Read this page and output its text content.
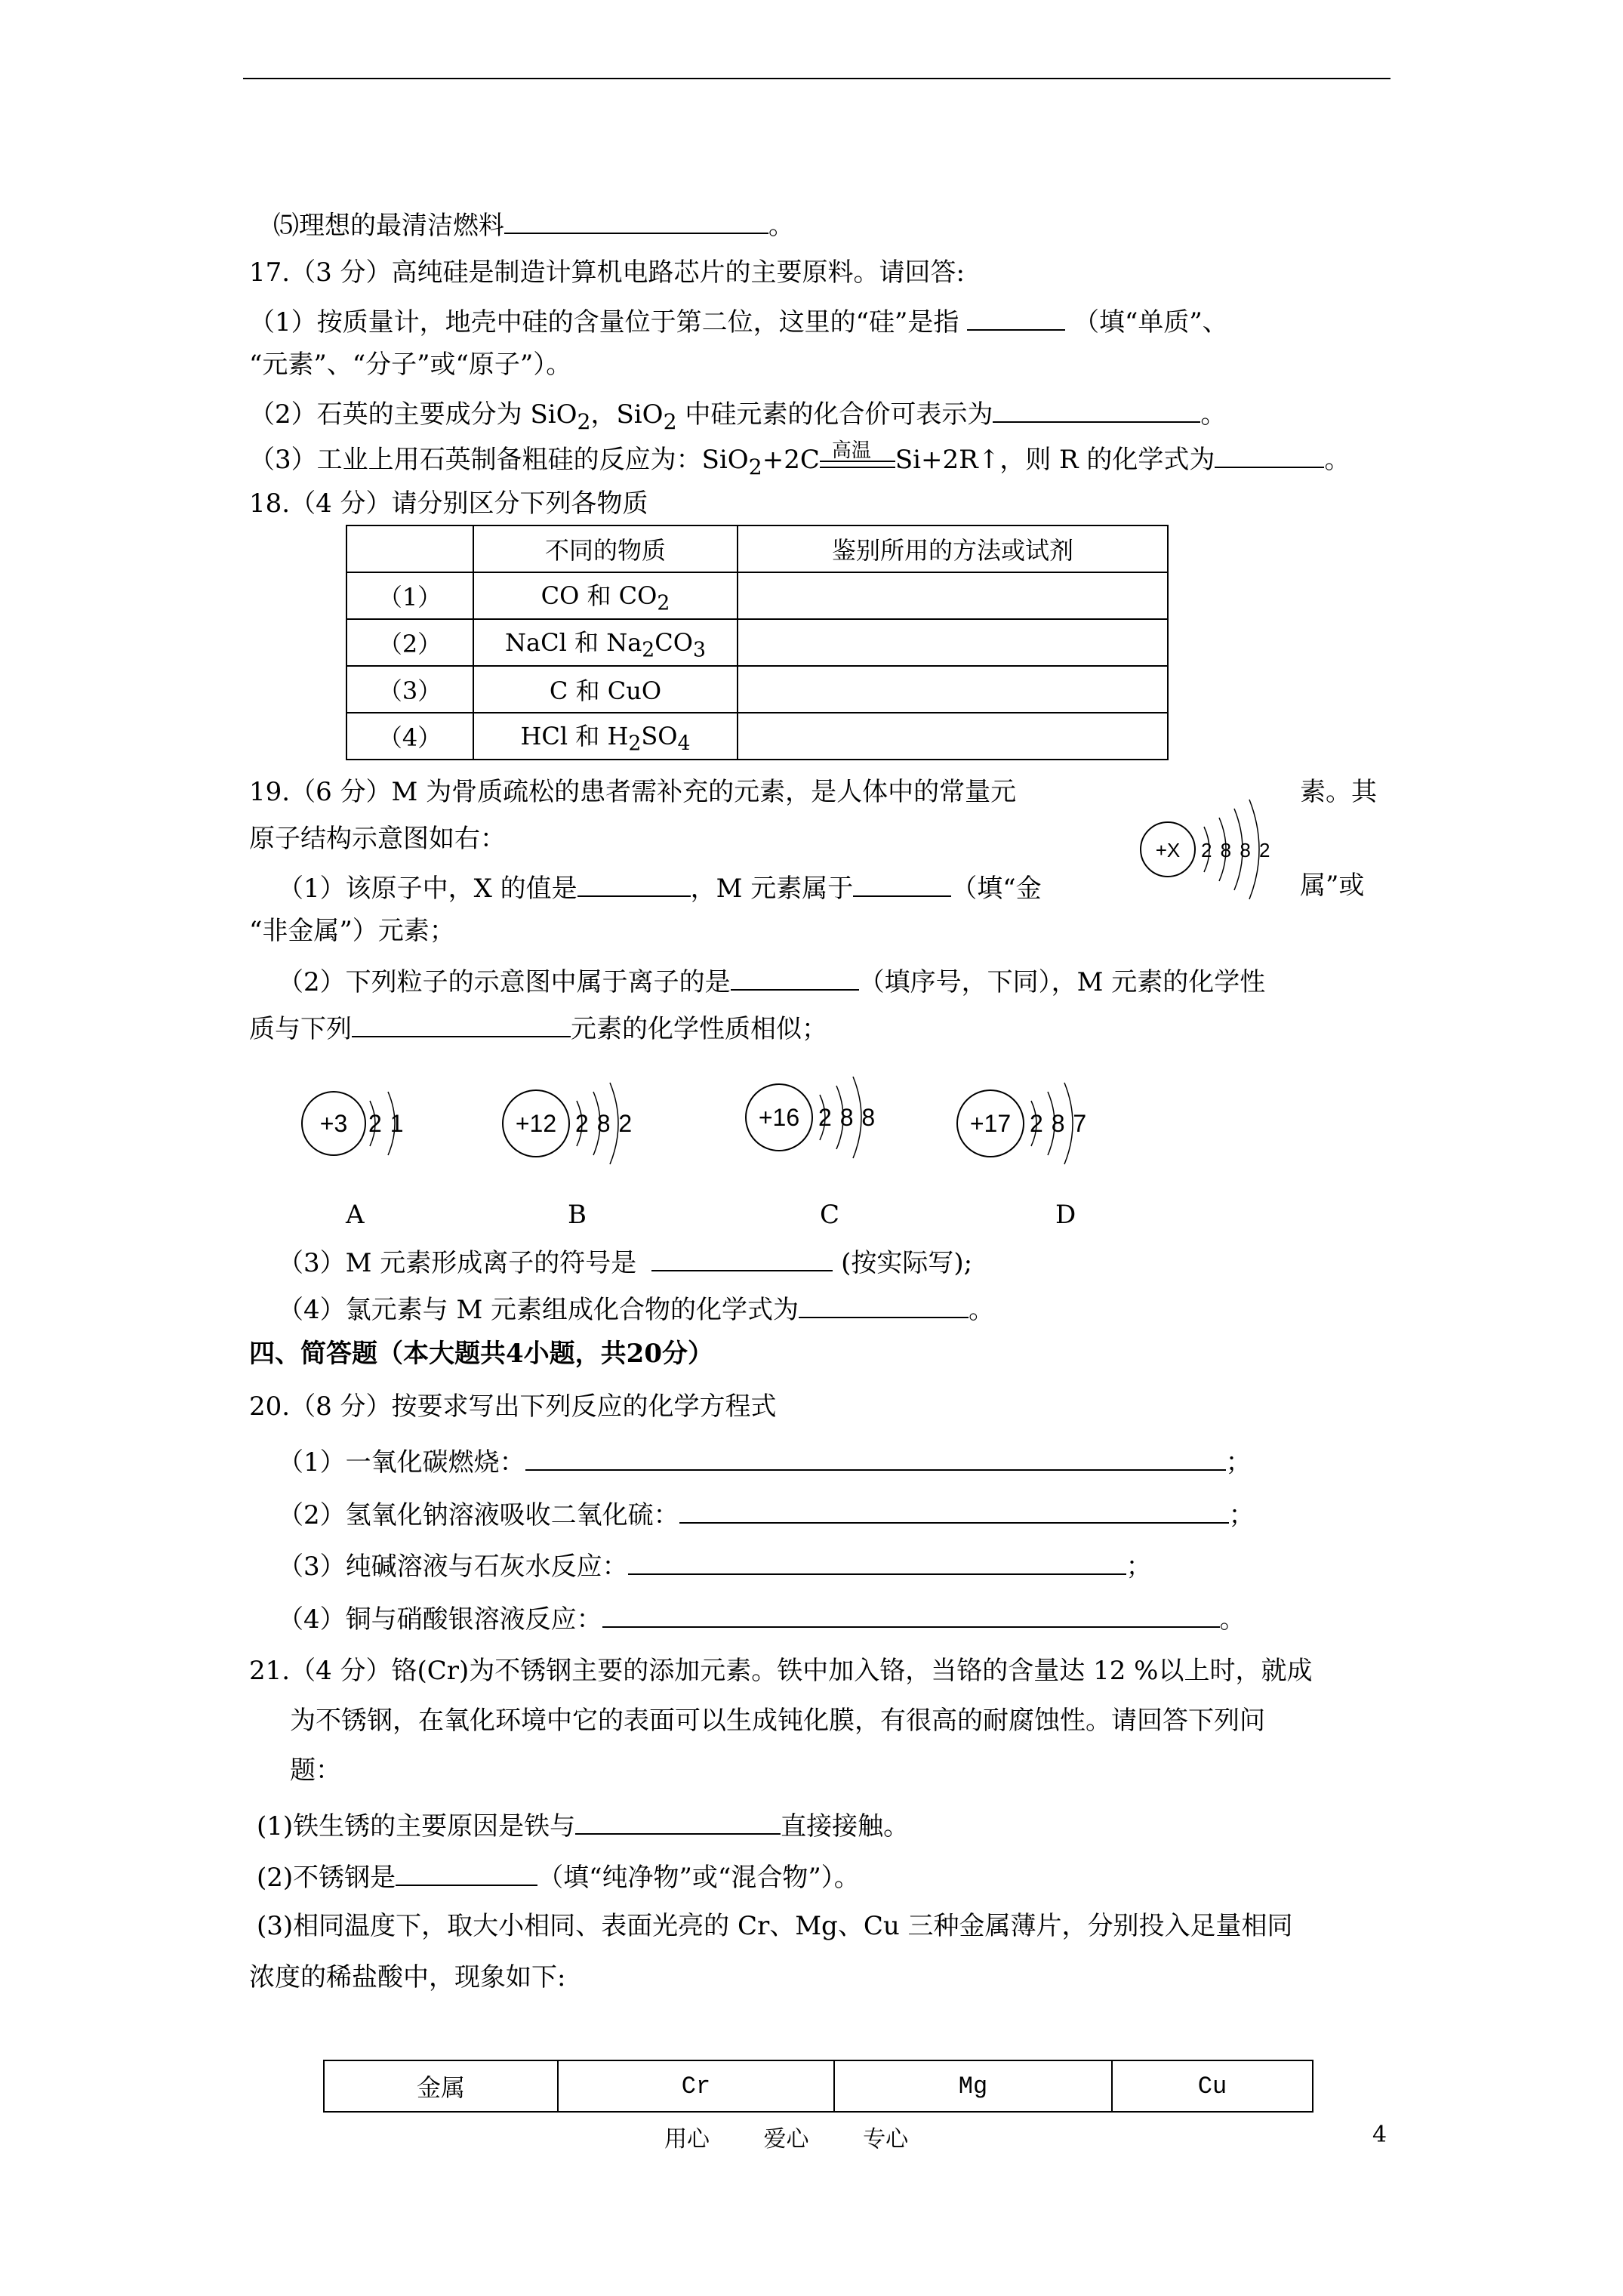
⑸理想的最清洁燃料	。
17.（3 分）高纯硅是制造计算机电路芯片的主要原料。请回答:
（1）按质量计，地壳中硅的含量位于第二位，这里的“硅”是指	（填“单质”、
“元素”、“分子”或“原子”）。
（2）石英的主要成分为 SiO$_2$，SiO$_2$ 中硅元素的化合价可表示为	。
（3）工业上用石英制备粗硅的反应为：SiO$_2$+2C 高温 Si+2R↑，则 R 的化学式为	。
18.（4 分）请分别区分下列各物质
	不同的物质	鉴别所用的方法或试剂
（1）	CO 和 $CO_2$	
（2）	NaCl 和 $Na_2CO_3$	
（3）	C 和 CuO	
（4）	HCl 和 $H_2SO_4$	
19.（6 分）M 为骨质疏松的患者需补充的元素，是人体中的常量元	素。其
原子结构示意图如右：	+X 2 8 8 2
（1）该原子中，X 的值是	，M 元素属于	（填“金	属”或
“非金属”）元素；
（2）下列粒子的示意图中属于离子的是	（填序号，下同），M 元素的化学性
质与下列	元素的化学性质相似；
+3 2 1	+12 2 8 2	+16 2 8 8	+17 2 8 7
A	B	C	D
（3）M 元素形成离子的符号是	(按实际写);
（4）氯元素与 M 元素组成化合物的化学式为	。
四、简答题（本大题共4小题，共20分）
20.（8 分）按要求写出下列反应的化学方程式
（1）一氧化碳燃烧：	；
（2）氢氧化钠溶液吸收二氧化硫：	；
（3）纯碱溶液与石灰水反应：	；
（4）铜与硝酸银溶液反应：	。
21.（4 分）铬(Cr)为不锈钢主要的添加元素。铁中加入铬，当铬的含量达 12 %以上时，就成
为不锈钢，在氧化环境中它的表面可以生成钝化膜，有很高的耐腐蚀性。请回答下列问
题：
(1)铁生锈的主要原因是铁与	直接接触。
(2)不锈钢是	（填“纯净物”或“混合物”）。
(3)相同温度下，取大小相同、表面光亮的 Cr、Mg、Cu 三种金属薄片，分别投入足量相同
浓度的稀盐酸中，现象如下:
金属	Cr	Mg	Cu
用心 爱心 专心	4
